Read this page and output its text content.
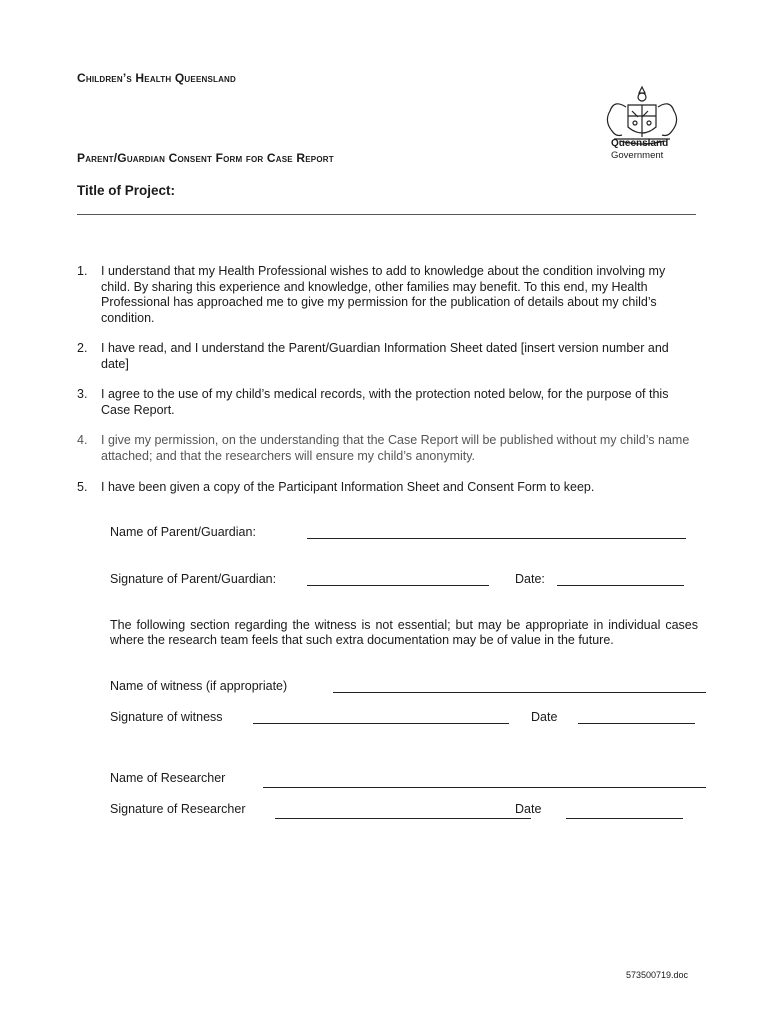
Children’s Health Queensland
Queensland
Government
Parent/Guardian Consent Form for Case Report
Title of Project:
1.	I understand that my Health Professional wishes to add to knowledge about the condition involving my child. By sharing this experience and knowledge, other families may benefit. To this end, my Health Professional has approached me to give my permission for the publication of details about my child’s condition.
2.	I have read, and I understand the Parent/Guardian Information Sheet dated [insert version number and date]
3.	I agree to the use of my child’s medical records, with the protection noted below, for the purpose of this Case Report.
4.	I give my permission, on the understanding that the Case Report will be published without my child’s name attached; and that the researchers will ensure my child’s anonymity.
5.	I have been given a copy of the Participant Information Sheet and Consent Form to keep.
Name of Parent/Guardian:
Signature of Parent/Guardian:	Date:
The following section regarding the witness is not essential; but may be appropriate in individual cases where the research team feels that such extra documentation may be of value in the future.
Name of witness (if appropriate)
Signature of witness	Date
Name of Researcher
Signature of Researcher	Date
573500719.doc
